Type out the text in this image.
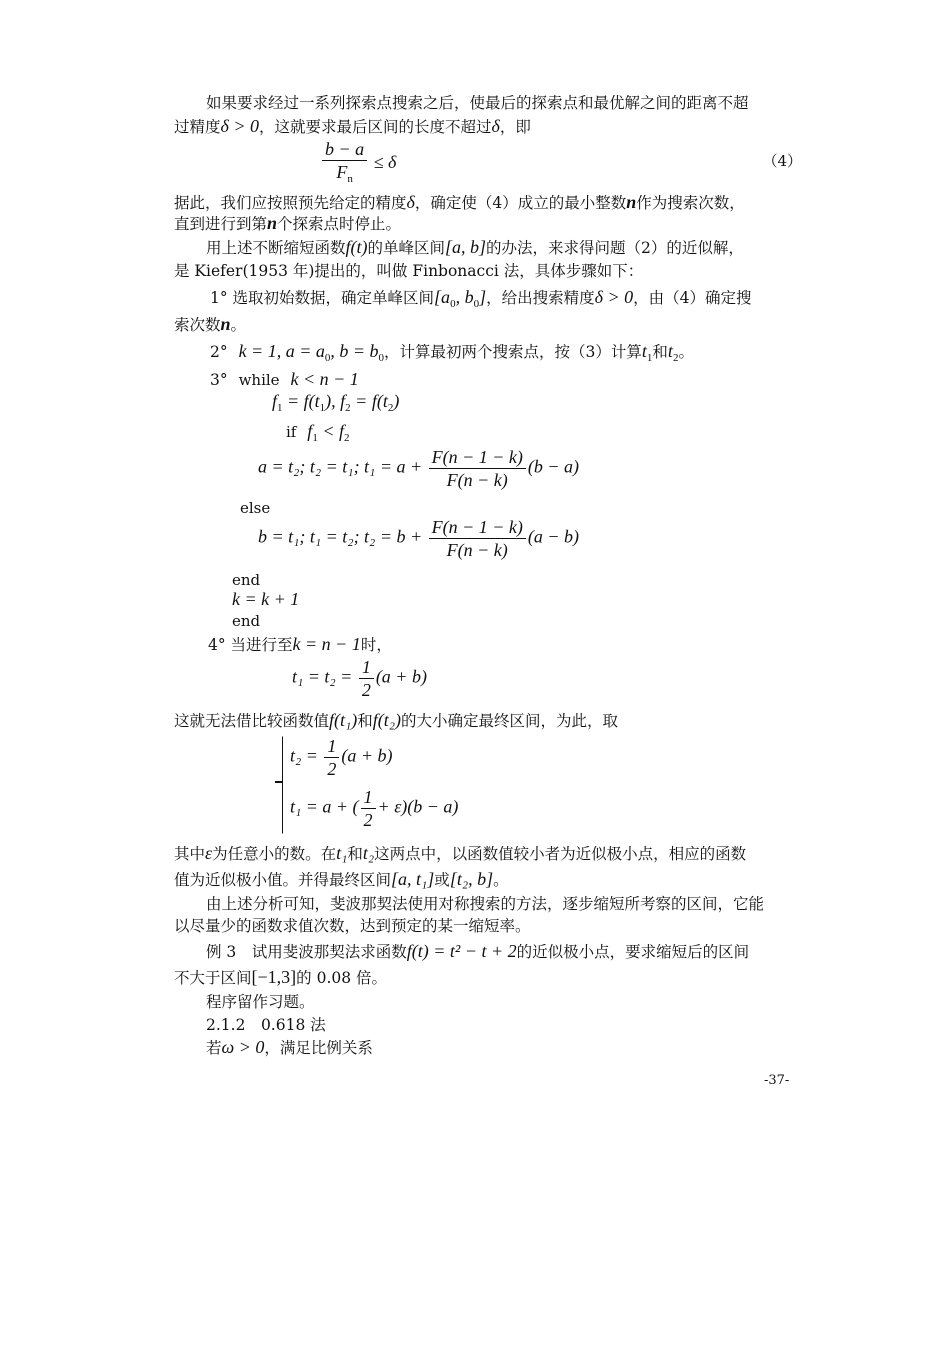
如果要求经过一系列探索点搜索之后，使最后的探索点和最优解之间的距离不超
过精度δ > 0，这就要求最后区间的长度不超过δ，即
$\frac{b - a}{F_n} \le \delta$	（4）
据此，我们应按照预先给定的精度δ，确定使（4）成立的最小整数n作为搜索次数，
直到进行到第n个探索点时停止。
用上述不断缩短函数f(t)的单峰区间[a, b]的办法，来求得问题（2）的近似解，
是 Kiefer(1953 年)提出的，叫做 Finbonacci 法，具体步骤如下：
1° 选取初始数据，确定单峰区间[$a_0$, $b_0$]，给出搜索精度δ > 0，由（4）确定搜
索次数n。
2° k = 1, $a = a_0$, $b = b_0$，计算最初两个搜索点，按（3）计算$t_1$和$t_2$。
3° while k < n − 1
$f_1 = f(t_1)$, $f_2 = f(t_2)$
if $f_1 < f_2$
a = t₂; t₂ = t₁; $t_1 = a + \frac{F(n - 1 - k)}{F(n - k)} (b - a)$
else
b = t₁; t₁ = t₂; $t_2 = b + \frac{F(n - 1 - k)}{F(n - k)} (a - b)$
end
k = k + 1
end
4° 当进行至k = n − 1时，
$t_1 = t_2 = \frac{1}{2} (a + b)$
这就无法借比较函数值f(t₁)和f(t₂)的大小确定最终区间，为此，取
$t_2 = \frac{1}{2} (a + b)$
t₁ = a + ( $\frac{1}{2} + \varepsilon)(b - a)$
其中ε为任意小的数。在t₁和t₂这两点中，以函数值较小者为近似极小点，相应的函数
值为近似极小值。并得最终区间[a, t₁]或[t₂, b]。
由上述分析可知，斐波那契法使用对称搜索的方法，逐步缩短所考察的区间，它能
以尽量少的函数求值次数，达到预定的某一缩短率。
例 3　试用斐波那契法求函数f(t) = t² − t + 2的近似极小点，要求缩短后的区间
不大于区间[−1,3]的 0.08 倍。
程序留作习题。
2.1.2　0.618 法
若ω > 0，满足比例关系
-37-
